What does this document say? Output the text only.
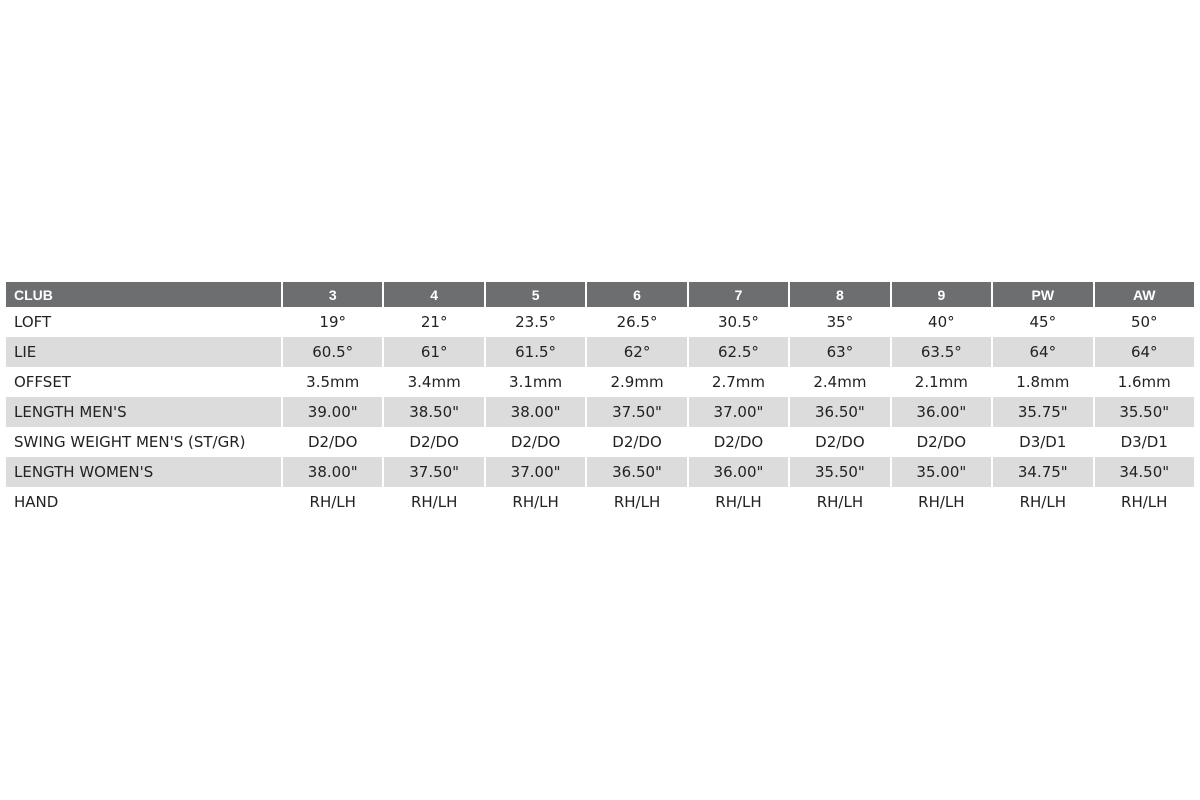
CLUB	3	4	5	6	7	8	9	PW	AW
LOFT	19°	21°	23.5°	26.5°	30.5°	35°	40°	45°	50°
LIE	60.5°	61°	61.5°	62°	62.5°	63°	63.5°	64°	64°
OFFSET	3.5mm	3.4mm	3.1mm	2.9mm	2.7mm	2.4mm	2.1mm	1.8mm	1.6mm
LENGTH MEN'S	39.00"	38.50"	38.00"	37.50"	37.00"	36.50"	36.00"	35.75"	35.50"
SWING WEIGHT MEN'S (ST/GR)	D2/DO	D2/DO	D2/DO	D2/DO	D2/DO	D2/DO	D2/DO	D3/D1	D3/D1
LENGTH WOMEN'S	38.00"	37.50"	37.00"	36.50"	36.00"	35.50"	35.00"	34.75"	34.50"
HAND	RH/LH	RH/LH	RH/LH	RH/LH	RH/LH	RH/LH	RH/LH	RH/LH	RH/LH
